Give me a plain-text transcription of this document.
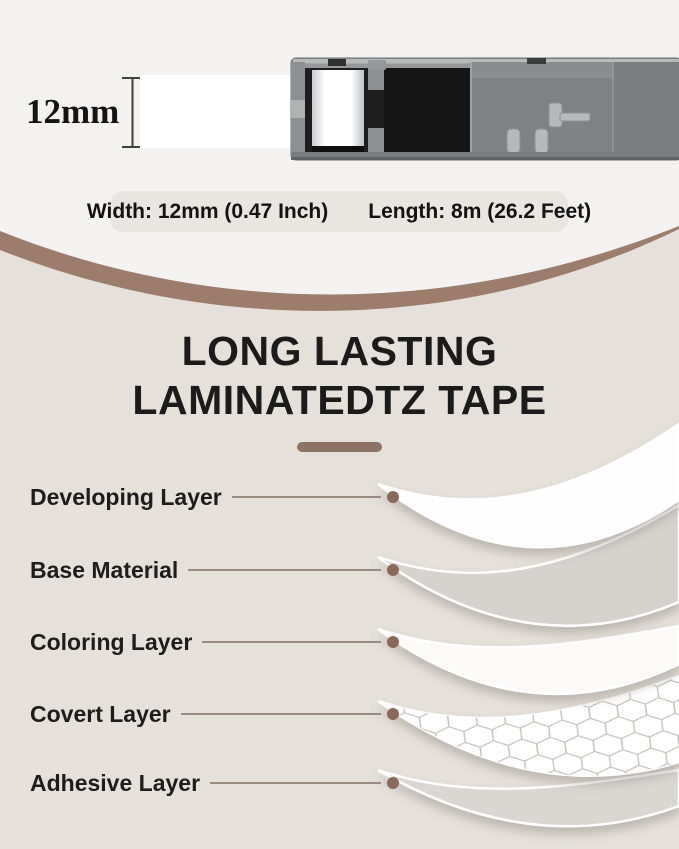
12mm
Width: 12mm (0.47 Inch) Length: 8m (26.2 Feet)
LONG LASTING
LAMINATEDTZ TAPE
Developing Layer
Base Material
Coloring Layer
Covert Layer
Adhesive Layer
